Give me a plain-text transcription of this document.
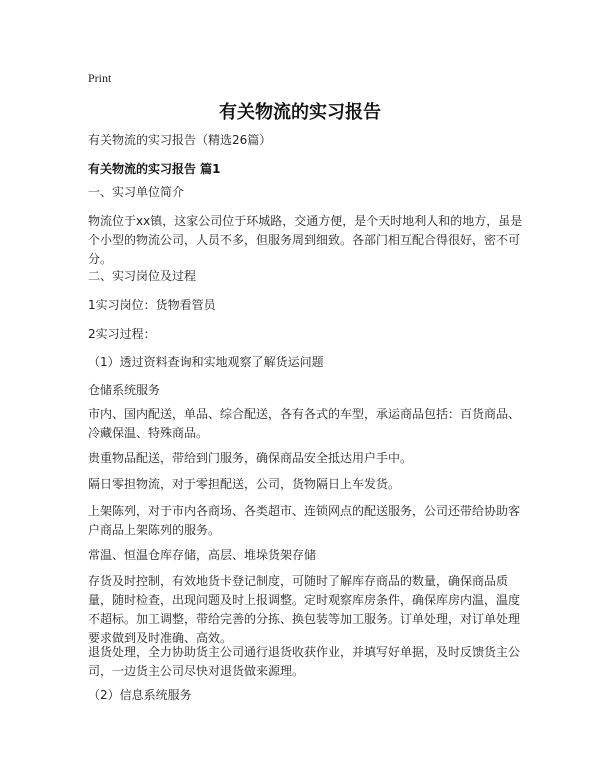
Print
有关物流的实习报告

有关物流的实习报告（精选26篇）

有关物流的实习报告 篇1

一、实习单位简介

物流位于xx镇，这家公司位于环城路，交通方便，是个天时地利人和的地方，虽是个小型的物流公司，人员不多，但服务周到细致。各部门相互配合得很好，密不可分。

二、实习岗位及过程

1实习岗位：货物看管员

2实习过程：

（1）透过资料查询和实地观察了解货运问题

仓储系统服务

市内、国内配送，单品、综合配送，各有各式的车型，承运商品包括：百货商品、冷藏保温、特殊商品。

贵重物品配送，带给到门服务，确保商品安全抵达用户手中。

隔日零担物流，对于零担配送，公司，货物隔日上车发货。

上架陈列，对于市内各商场、各类超市、连锁网点的配送服务，公司还带给协助客户商品上架陈列的服务。

常温、恒温仓库存储，高层、堆垛货架存储

存货及时控制，有效地货卡登记制度，可随时了解库存商品的数量，确保商品质量，随时检查，出现问题及时上报调整。定时观察库房条件，确保库房内温，温度不超标。加工调整，带给完善的分拣、换包装等加工服务。订单处理，对订单处理要求做到及时准确、高效。

退货处理，全力协助货主公司通行退货收获作业，并填写好单据，及时反馈货主公司，一边货主公司尽快对退货做来源理。

（2）信息系统服务
